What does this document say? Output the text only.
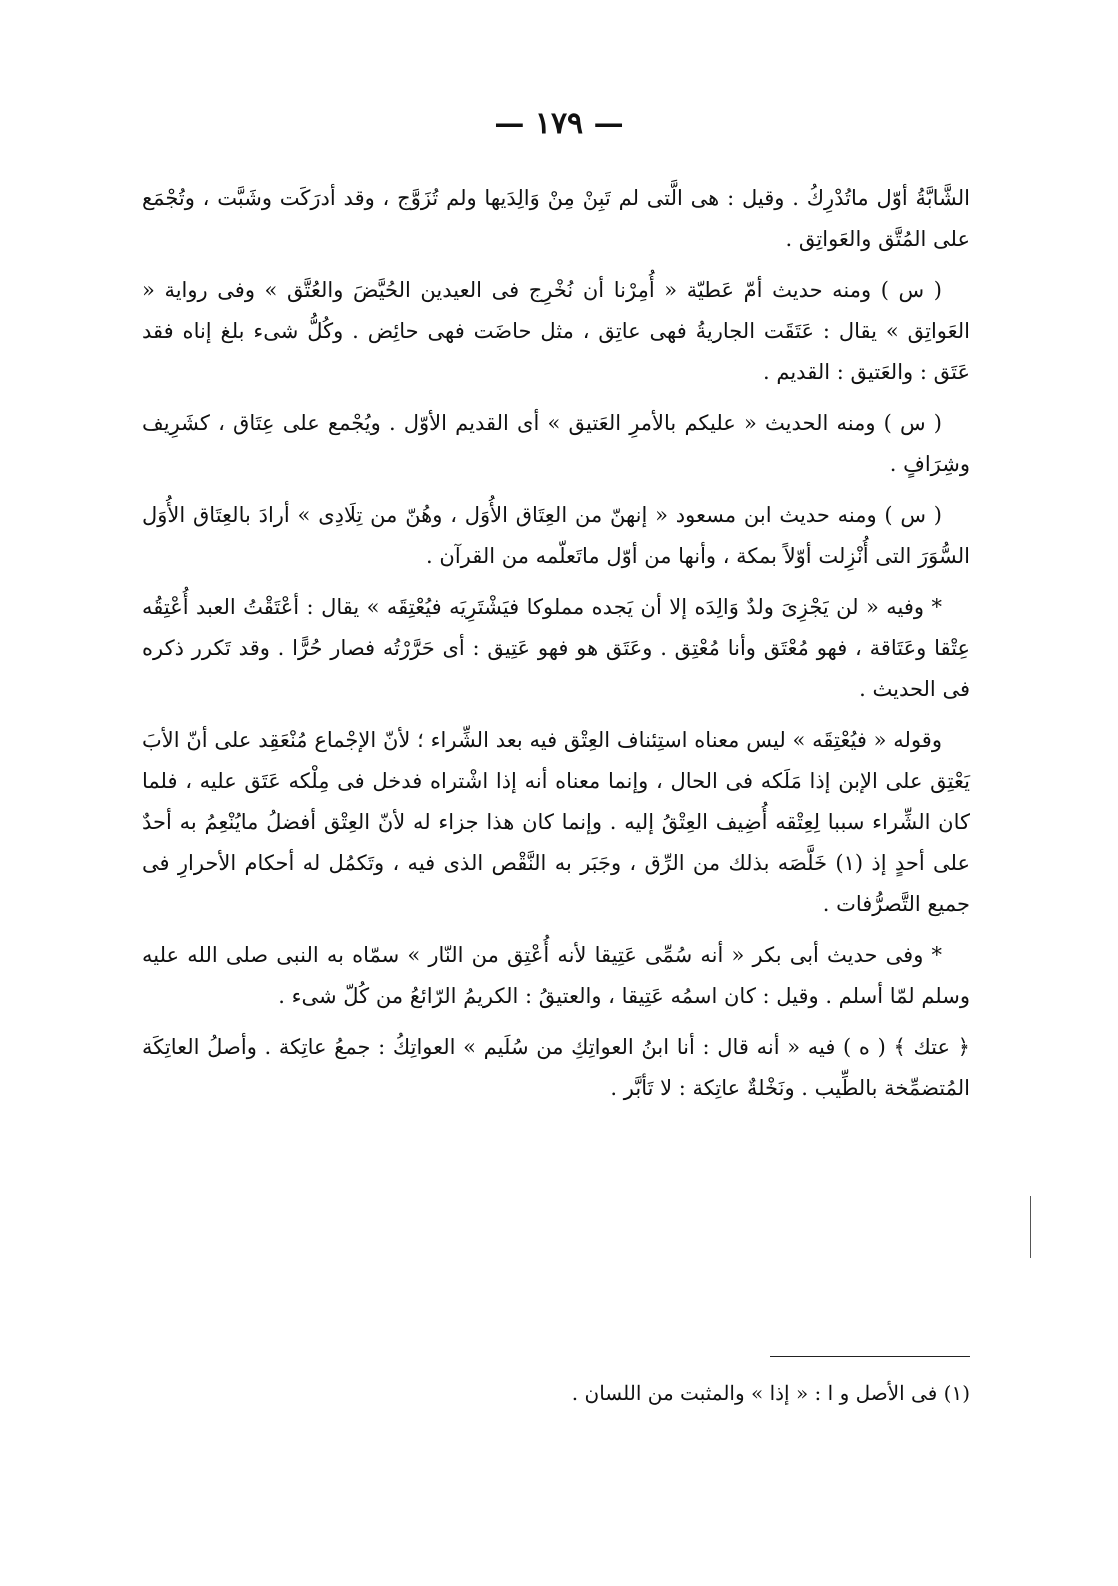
— ١٧٩ —

الشَّابَّةُ أوّل ماتُدْرِكُ . وقيل : هى الَّتى لم تَبِنْ مِنْ وَالِدَيها ولم تُزَوَّج ، وقد أدرَكَت وشَبَّت ، وتُجْمَع على المُتَّق والعَواتِق .

( س ) ومنه حديث أمّ عَطيّة « أُمِرْنا أن نُخْرِج فى العيدين الحُيَّضَ والعُتَّق » وفى رواية « العَواتِق » يقال : عَتَقَت الجاريةُ فهى عاتِق ، مثل حاضَت فهى حائِض . وكُلُّ شىء بلغ إناه فقد عَتَق : والعَتيق : القديم .

( س ) ومنه الحديث « عليكم بالأمرِ العَتيق » أى القديم الأوّل . ويُجْمع على عِتَاق ، كشَرِيف وشِرَافٍ .

( س ) ومنه حديث ابن مسعود « إنهنّ من العِتَاق الأُوَل ، وهُنّ من تِلَادِى » أرادَ بالعِتَاق الأُوَل السُّوَرَ التى أُنْزِلت أوّلاً بمكة ، وأنها من أوّل ماتَعلّمه من القرآن .

* وفيه « لن يَجْزِىَ ولدٌ وَالِدَه إلا أن يَجده مملوكا فيَشْتَرِيَه فيُعْتِقَه » يقال : أعْتَقْتُ العبد أُعْتِقُه عِتْقا وعَتَاقة ، فهو مُعْتَق وأنا مُعْتِق . وعَتَق هو فهو عَتِيق : أى حَرَّرْتُه فصار حُرًّا . وقد تَكرر ذكره فى الحديث .

وقوله « فيُعْتِقَه » ليس معناه استِئناف العِتْق فيه بعد الشِّراء ؛ لأنّ الإجْماع مُنْعَقِد على أنّ الأبَ يَعْتِق على الإبن إذا مَلَكه فى الحال ، وإنما معناه أنه إذا اشْتراه فدخل فى مِلْكه عَتَق عليه ، فلما كان الشِّراء سببا لِعِتْقه أُضِيف العِتْقُ إليه . وإنما كان هذا جزاء له لأنّ العِتْق أفضلُ مايُنْعِمُ به أحدٌ على أحدٍ إذ (١) خَلَّصَه بذلك من الرِّق ، وجَبَر به النَّقْص الذى فيه ، وتَكمُل له أحكام الأحرارِ فى جميع التَّصرُّفات .

* وفى حديث أبى بكر « أنه سُمِّى عَتِيقا لأنه أُعْتِق من النّار » سمّاه به النبى صلى الله عليه وسلم لمّا أسلم . وقيل : كان اسمُه عَتِيقا ، والعتيقُ : الكريمُ الرّائعُ من كُلّ شىء .

﴿ عتك ﴾ ( ه ) فيه « أنه قال : أنا ابنُ العواتِكِ من سُلَيم » العواتِكُ : جمعُ عاتِكة . وأصلُ العاتِكَة المُتضمِّخة بالطِّيب . ونَخْلةٌ عاتِكة : لا تَأبَّر .

(١) فى الأصل و ا : « إذا » والمثبت من اللسان .
